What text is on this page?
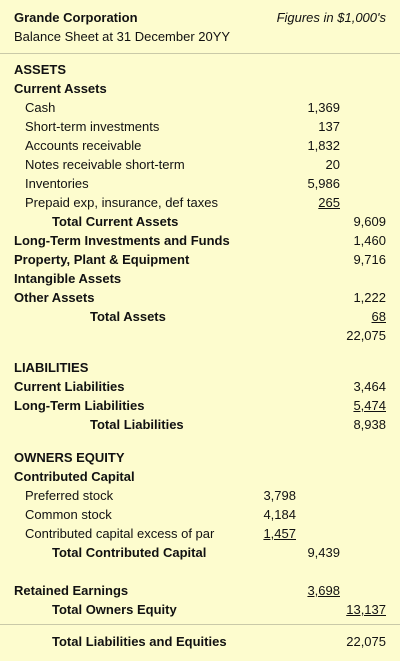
Grande Corporation	Figures in $1,000's
Balance Sheet at 31 December 20YY
ASSETS
Current Assets
Cash	1,369
Short-term investments	137
Accounts receivable	1,832
Notes receivable short-term	20
Inventories	5,986
Prepaid exp, insurance, def taxes	265
Total Current Assets	9,609
Long-Term Investments and Funds	1,460
Property, Plant & Equipment	9,716
Intangible Assets
Other Assets	1,222
Total Assets	68
22,075
LIABILITIES
Current Liabilities	3,464
Long-Term Liabilities	5,474
Total Liabilities	8,938
OWNERS EQUITY
Contributed Capital
Preferred stock	3,798
Common stock	4,184
Contributed capital excess of par	1,457
Total Contributed Capital	9,439
Retained Earnings	3,698
Total Owners Equity	13,137
Total Liabilities and Equities	22,075
